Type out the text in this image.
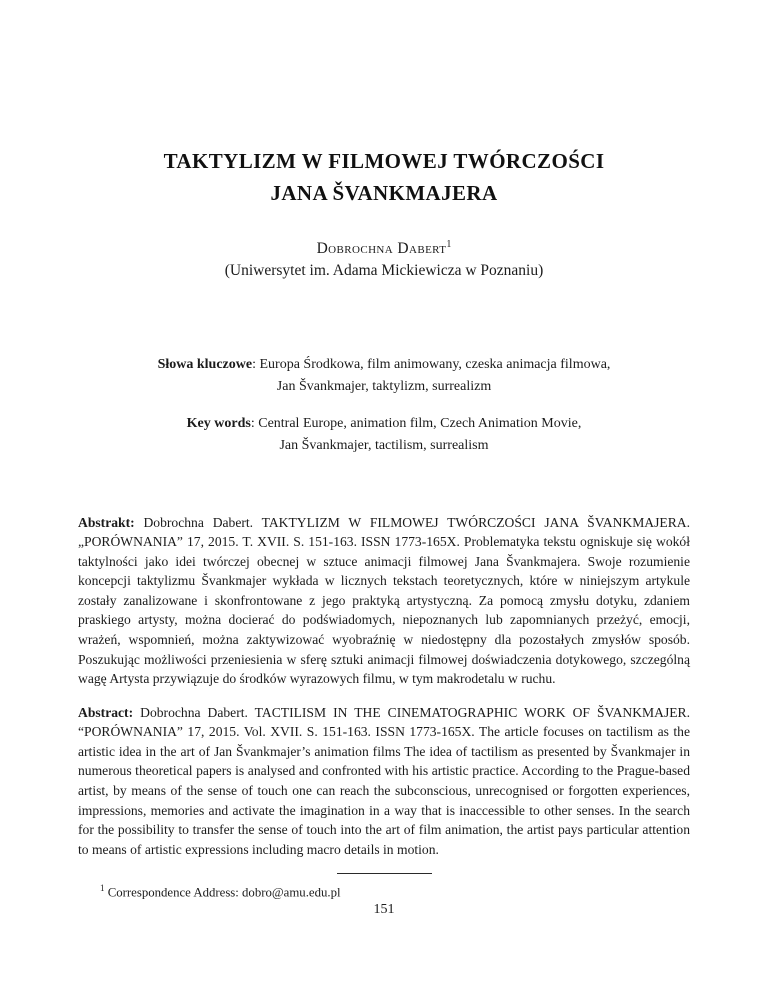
TAKTYLIZM W FILMOWEJ TWÓRCZOŚCI
JANA ŠVANKMAJERA
Dobrochna Dabert$^1$
(Uniwersytet im. Adama Mickiewicza w Poznaniu)

Słowa kluczowe: Europa Środkowa, film animowany, czeska animacja filmowa,
Jan Švankmajer, taktylizm, surrealizm

Key words: Central Europe, animation film, Czech Animation Movie,
Jan Švankmajer, tactilism, surrealism

Abstrakt: Dobrochna Dabert. TAKTYLIZM W FILMOWEJ TWÓRCZOŚCI JANA ŠVANKMAJERA. „PORÓWNANIA” 17, 2015. T. XVII. S. 151-163. ISSN 1773-165X. Problematyka tekstu ogniskuje się wokół taktylności jako idei twórczej obecnej w sztuce animacji filmowej Jana Švankmajera. Swoje rozumienie koncepcji taktylizmu Švankmajer wykłada w licznych tekstach teoretycznych, które w niniejszym artykule zostały zanalizowane i skonfrontowane z jego praktyką artystyczną. Za pomocą zmysłu dotyku, zdaniem praskiego artysty, można docierać do podświadomych, niepoznanych lub zapomnianych przeżyć, emocji, wrażeń, wspomnień, można zaktywizować wyobraźnię w niedostępny dla pozostałych zmysłów sposób. Poszukując możliwości przeniesienia w sferę sztuki animacji filmowej doświadczenia dotykowego, szczególną wagę Artysta przywiązuje do środków wyrazowych filmu, w tym makrodetalu w ruchu.

Abstract: Dobrochna Dabert. TACTILISM IN THE CINEMATOGRAPHIC WORK OF ŠVANKMAJER. “PORÓWNANIA” 17, 2015. Vol. XVII. S. 151-163. ISSN 1773-165X. The article focuses on tactilism as the artistic idea in the art of Jan Švankmajer’s animation films The idea of tactilism as presented by Švankmajer in numerous theoretical papers is analysed and confronted with his artistic practice. According to the Prague-based artist, by means of the sense of touch one can reach the subconscious, unrecognised or forgotten experiences, impressions, memories and activate the imagination in a way that is inaccessible to other senses. In the search for the possibility to transfer the sense of touch into the art of film animation, the artist pays particular attention to means of artistic expressions including macro details in motion.

$^1$ Correspondence Address: dobro@amu.edu.pl

151
